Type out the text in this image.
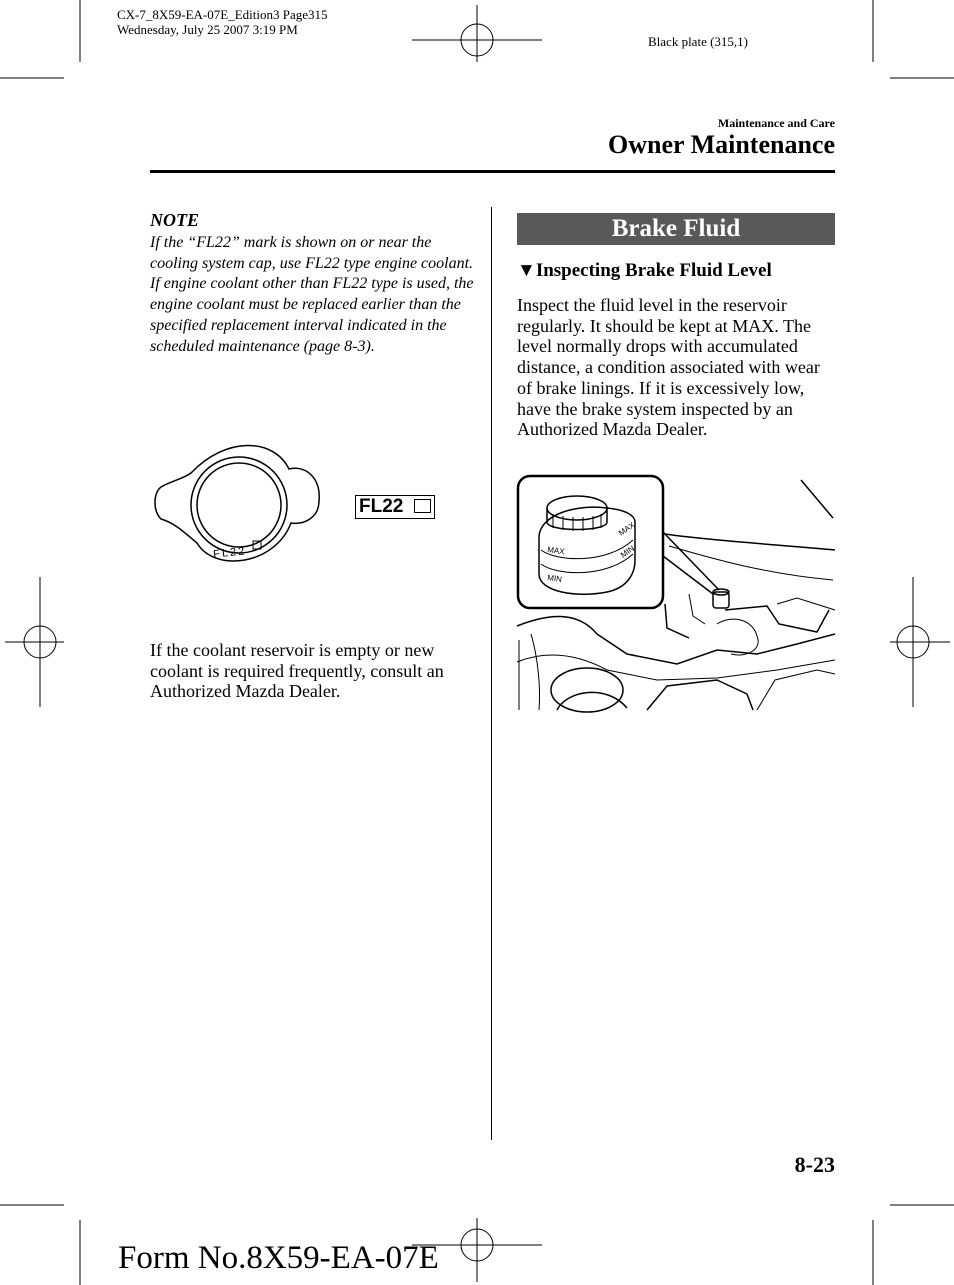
CX-7_8X59-EA-07E_Edition3 Page315
Wednesday, July 25 2007 3:19 PM
Black plate (315,1)
Maintenance and Care
Owner Maintenance
NOTE
If the “FL22” mark is shown on or near the cooling system cap, use FL22 type engine coolant. If engine coolant other than FL22 type is used, the engine coolant must be replaced earlier than the specified replacement interval indicated in the scheduled maintenance (page 8-3).
FL22
FL22
If the coolant reservoir is empty or new coolant is required frequently, consult an Authorized Mazda Dealer.
Brake Fluid
▼Inspecting Brake Fluid Level
Inspect the fluid level in the reservoir regularly. It should be kept at MAX. The level normally drops with accumulated distance, a condition associated with wear of brake linings. If it is excessively low, have the brake system inspected by an Authorized Mazda Dealer.
MAX
MIN
MAX
MIN
8-23
Form No.8X59-EA-07E
